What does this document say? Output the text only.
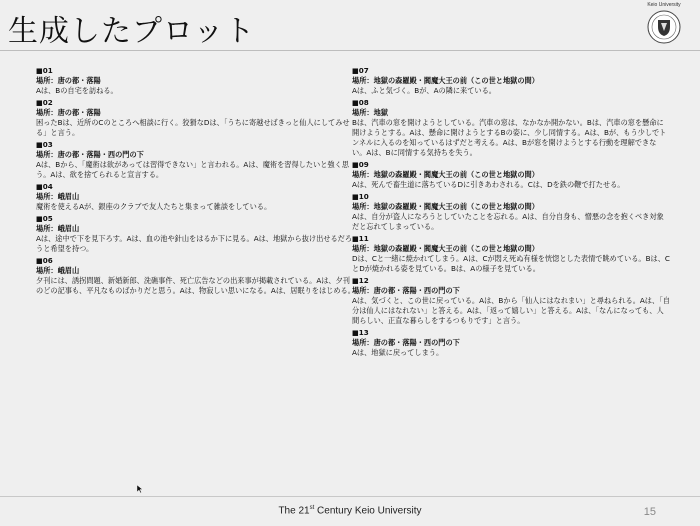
生成したプロット
Keio University
■01
場所：唐の都・落陽
Aは、Bの自宅を訪ねる。
■02
場所：唐の都・落陽
困ったBは、近所のCのところへ相談に行く。狡猾なDは、「うちに寄越せばきっと仙人にしてみせる」と言う。
■03
場所：唐の都・落陽・西の門の下
Aは、Bから、「魔術は欲があっては習得できない」と言われる。Aは、魔術を習得したいと強く思う。Aは、欲を捨てられると宣言する。
■04
場所：峨眉山
魔術を使えるAが、銀座のクラブで友人たちと集まって雑談をしている。
■05
場所：峨眉山
Aは、途中で下を見下ろす。Aは、血の池や針山をはるか下に見る。Aは、地獄から抜け出せるだろうと希望を持つ。
■06
場所：峨眉山
夕刊には、誘拐問題、新婚新郎、洗礁事件、死亡広告などの出来事が掲載されている。Aは、夕刊のどの記事も、平凡なものばかりだと思う。Aは、物寂しい思いになる。Aは、居眠りをはじめる。
■07
場所：地獄の森羅殿・閻魔大王の前（この世と地獄の間）
Aは、ふと気づく。Bが、Aの隣に来ている。
■08
場所：地獄
Bは、汽車の窓を開けようとしている。汽車の窓は、なかなか開かない。Bは、汽車の窓を懸命に開けようとする。Aは、懸命に開けようとするBの姿に、少し同情する。Aは、Bが、もう少しでトンネルに入るのを知っているはずだと考える。Aは、Bが窓を開けようとする行動を理解できない。Aは、Bに同情する気持ちを失う。
■09
場所：地獄の森羅殿・閻魔大王の前（この世と地獄の間）
Aは、死んで畜生道に落ちているDに引きあわされる。Cは、Dを鉄の鞭で打たせる。
■10
場所：地獄の森羅殿・閻魔大王の前（この世と地獄の間）
Aは、自分が盗人になろうとしていたことを忘れる。Aは、自分自身も、憎悪の念を抱くべき対象だと忘れてしまっている。
■11
場所：地獄の森羅殿・閻魔大王の前（この世と地獄の間）
Dは、Cと一緒に焼かれてしまう。Aは、Cが悶え死ぬ有様を恍惚とした表情で眺めている。Bは、CとDが焼かれる姿を見ている。Bは、Aの様子を見ている。
■12
場所：唐の都・落陽・西の門の下
Aは、気づくと、この世に戻っている。Aは、Bから「仙人にはなれまい」と尋ねられる。Aは、「自分は仙人にはなれない」と答える。Aは、「返って嬉しい」と答える。Aは、「なんになっても、人間らしい、正直な暮らしをするつもりです」と言う。
■13
場所：唐の都・落陽・西の門の下
Aは、地獄に戻ってしまう。
The 21st Century Keio University	15
